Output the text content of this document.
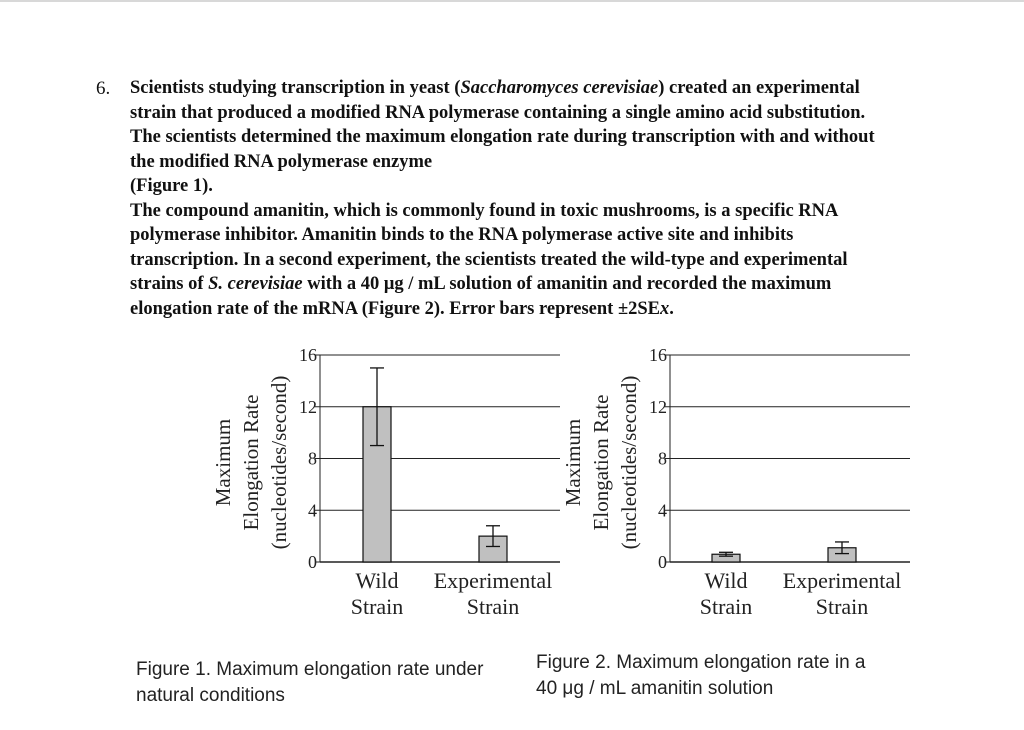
6. Scientists studying transcription in yeast (Saccharomyces cerevisiae) created an experimental
strain that produced a modified RNA polymerase containing a single amino acid substitution.
The scientists determined the maximum elongation rate during transcription with and without
the modified RNA polymerase enzyme
(Figure 1).
The compound amanitin, which is commonly found in toxic mushrooms, is a specific RNA
polymerase inhibitor. Amanitin binds to the RNA polymerase active site and inhibits
transcription. In a second experiment, the scientists treated the wild-type and experimental
strains of S. cerevisiae with a 40 μg / mL solution of amanitin and recorded the maximum
elongation rate of the mRNA (Figure 2). Error bars represent ±2SEx.

0
4
8
12
16
Wild
Strain
Experimental
Strain
Maximum Elongation Rate (nucleotides/second)
0
4
8
12
16
Wild
Strain
Experimental
Strain
Maximum Elongation Rate (nucleotides/second)
Figure 1. Maximum elongation rate under
natural conditions
Figure 2. Maximum elongation rate in a
40 μg / mL amanitin solution
